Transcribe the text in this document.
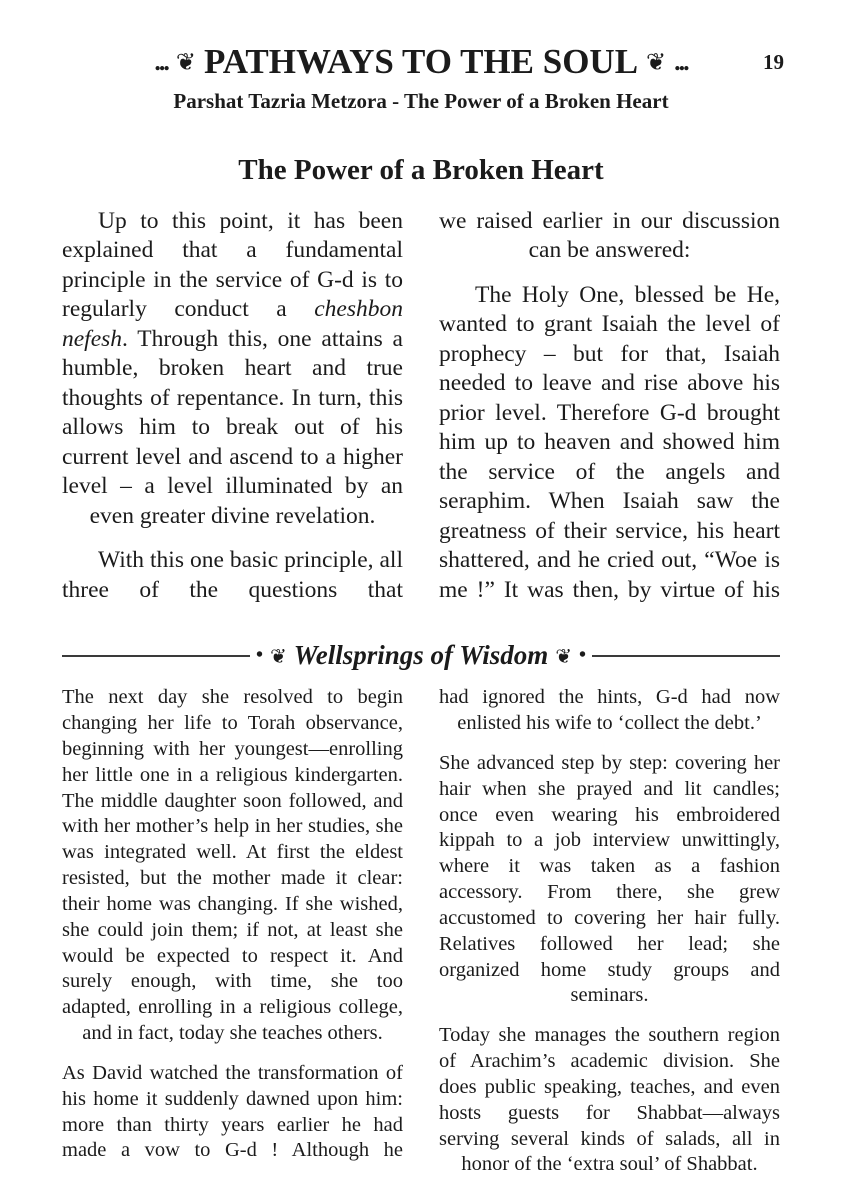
... ❦ PATHWAYS TO THE SOUL ❦ ...	19
Parshat Tazria Metzora - The Power of a Broken Heart
The Power of a Broken Heart

Up to this point, it has been explained that a fundamental principle in the service of G-d is to regularly conduct a cheshbon nefesh. Through this, one attains a humble, broken heart and true thoughts of repentance. In turn, this allows him to break out of his current level and ascend to a higher level – a level illuminated by an even greater divine revelation.

With this one basic principle, all three of the questions that

we raised earlier in our discussion can be answered:

The Holy One, blessed be He, wanted to grant Isaiah the level of prophecy – but for that, Isaiah needed to leave and rise above his prior level. Therefore G-d brought him up to heaven and showed him the service of the angels and seraphim. When Isaiah saw the greatness of their service, his heart shattered, and he cried out, “Woe is me !” It was then, by virtue of his

• ❦ Wellsprings of Wisdom ❦ •

The next day she resolved to begin changing her life to Torah observance, beginning with her youngest—enrolling her little one in a religious kindergarten. The middle daughter soon followed, and with her mother’s help in her studies, she was integrated well. At first the eldest resisted, but the mother made it clear: their home was changing. If she wished, she could join them; if not, at least she would be expected to respect it. And surely enough, with time, she too adapted, enrolling in a religious college, and in fact, today she teaches others.

As David watched the transformation of his home it suddenly dawned upon him: more than thirty years earlier he had made a vow to G-d ! Although he

had ignored the hints, G-d had now enlisted his wife to ‘collect the debt.’

She advanced step by step: covering her hair when she prayed and lit candles; once even wearing his embroidered kippah to a job interview unwittingly, where it was taken as a fashion accessory. From there, she grew accustomed to covering her hair fully. Relatives followed her lead; she organized home study groups and seminars.

Today she manages the southern region of Arachim’s academic division. She does public speaking, teaches, and even hosts guests for Shabbat—always serving several kinds of salads, all in honor of the ‘extra soul’ of Shabbat.
